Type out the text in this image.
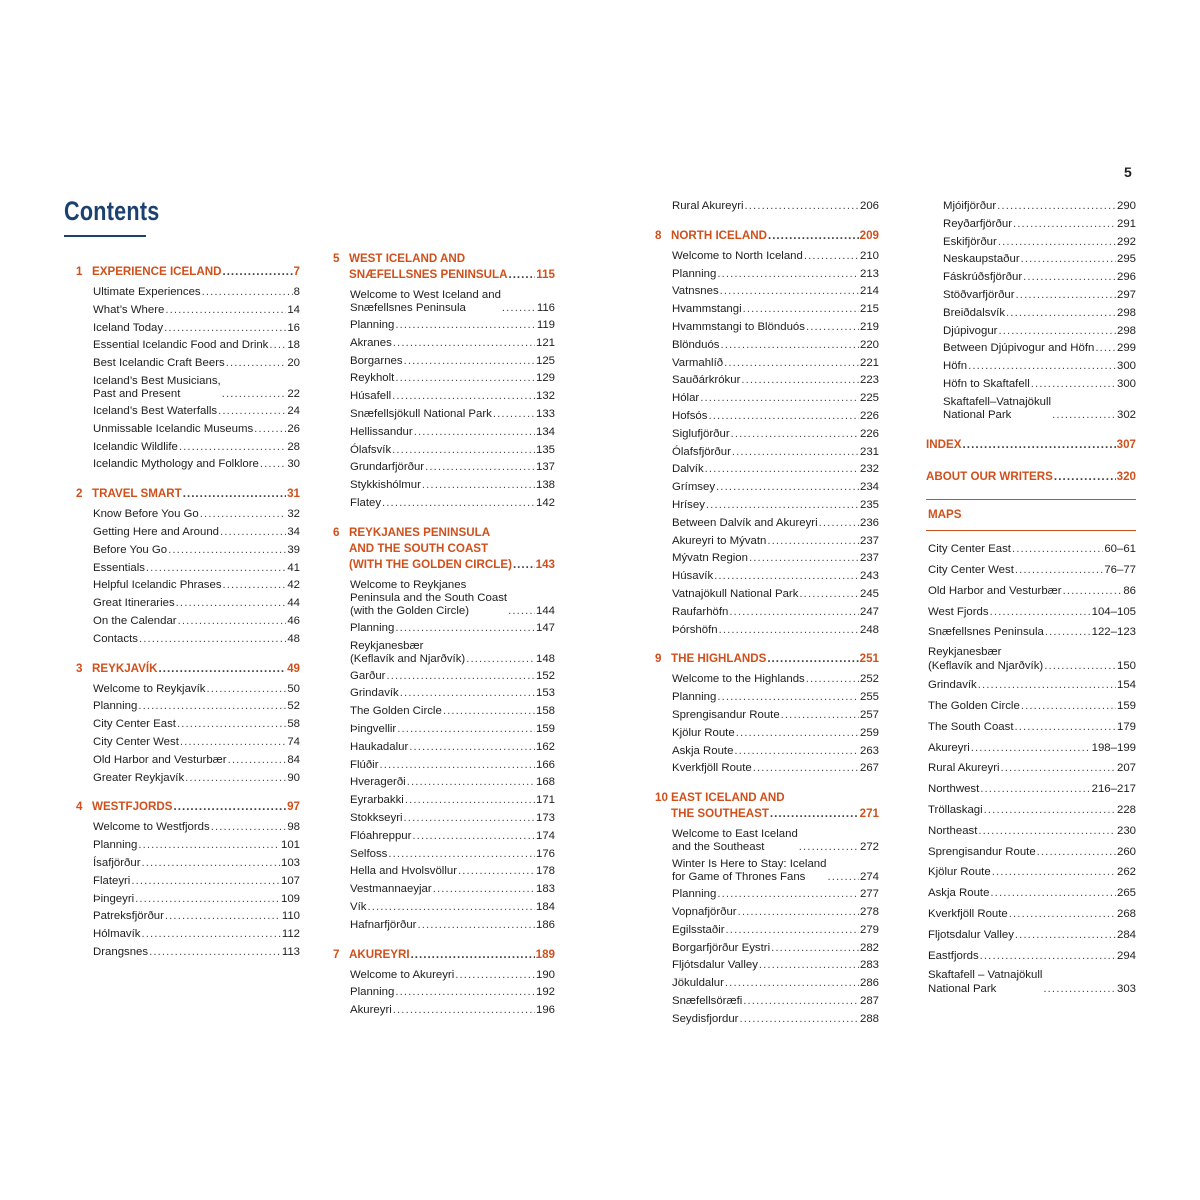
5
Contents
1 EXPERIENCE ICELAND .....	7
Ultimate Experiences .....	8
What’s Where .....	14
Iceland Today .....	16
Essential Icelandic Food and Drink ..... 18
Best Icelandic Craft Beers .....	20
Iceland’s Best Musicians,
Past and Present .....	22
Iceland’s Best Waterfalls .....	24
Unmissable Icelandic Museums .....	26
Icelandic Wildlife .....	28
Icelandic Mythology and Folklore ..... 30
2 TRAVEL SMART .....	31
Know Before You Go .....	32
Getting Here and Around .....	34
Before You Go .....	39
Essentials .....	41
Helpful Icelandic Phrases .....	42
Great Itineraries .....	44
On the Calendar .....	46
Contacts .....	48
3 REYKJAVÍK .....	49
Welcome to Reykjavík .....	50
Planning .....	52
City Center East .....	58
City Center West .....	74
Old Harbor and Vesturbær .....	84
Greater Reykjavík .....	90
4 WESTFJORDS .....	97
Welcome to Westfjords .....	98
Planning .....	101
Ísafjörður .....	103
Flateyri .....	107
Þingeyri .....	109
Patreksfjörður .....	110
Hólmavík .....	112
Drangsnes .....	113
5 WEST ICELAND AND
SNÆFELLSNES PENINSULA ..... 115
Welcome to West Iceland and
Snæfellsnes Peninsula .....	116
Planning .....	119
Akranes .....	121
Borgarnes .....	125
Reykholt .....	129
Húsafell .....	132
Snæfellsjökull National Park .....	133
Hellissandur .....	134
Ólafsvík .....	135
Grundarfjörður .....	137
Stykkishólmur .....	138
Flatey .....	142
6 REYKJANES PENINSULA
AND THE SOUTH COAST
(WITH THE GOLDEN CIRCLE) ..... 143
Welcome to Reykjanes
Peninsula and the South Coast
(with the Golden Circle) .....	144
Planning .....	147
Reykjanesbær
(Keflavík and Njarðvík) .....	148
Garður .....	152
Grindavík .....	153
The Golden Circle .....	158
Þingvellir .....	159
Haukadalur .....	162
Flúðir .....	166
Hveragerði .....	168
Eyrarbakki .....	171
Stokkseyri .....	173
Flóahreppur .....	174
Selfoss .....	176
Hella and Hvolsvöllur .....	178
Vestmannaeyjar .....	183
Vík .....	184
Hafnarfjörður .....	186
7 AKUREYRI .....	189
Welcome to Akureyri .....	190
Planning .....	192
Akureyri .....	196
Rural Akureyri .....	206
8 NORTH ICELAND .....	209
Welcome to North Iceland .....	210
Planning .....	213
Vatnsnes .....	214
Hvammstangi .....	215
Hvammstangi to Blönduós .....	219
Blönduós .....	220
Varmahlíð .....	221
Sauðárkrókur .....	223
Hólar .....	225
Hofsós .....	226
Siglufjörður .....	226
Ólafsfjörður .....	231
Dalvík .....	232
Grímsey .....	234
Hrísey .....	235
Between Dalvík and Akureyri .....	236
Akureyri to Mývatn .....	237
Mývatn Region .....	237
Húsavík .....	243
Vatnajökull National Park .....	245
Raufarhöfn .....	247
Þórshöfn .....	248
9 THE HIGHLANDS .....	251
Welcome to the Highlands .....	252
Planning .....	255
Sprengisandur Route .....	257
Kjölur Route .....	259
Askja Route .....	263
Kverkfjöll Route .....	267
10 EAST ICELAND AND
THE SOUTHEAST .....	271
Welcome to East Iceland
and the Southeast .....	272
Winter Is Here to Stay: Iceland
for Game of Thrones Fans .....	274
Planning .....	277
Vopnafjörður .....	278
Egilsstaðir .....	279
Borgarfjörður Eystri .....	282
Fljótsdalur Valley .....	283
Jökuldalur .....	286
Snæfellsöræfi .....	287
Seydisfjordur .....	288
Mjóifjörður .....	290
Reyðarfjörður .....	291
Eskifjörður .....	292
Neskaupstaður .....	295
Fáskrúðsfjörður .....	296
Stöðvarfjörður .....	297
Breiðdalsvík .....	298
Djúpivogur .....	298
Between Djúpivogur and Höfn ..... 299
Höfn .....	300
Höfn to Skaftafell .....	300
Skaftafell–Vatnajökull
National Park .....	302
INDEX .....	307
ABOUT OUR WRITERS .....	320
MAPS
City Center East .....	60–61
City Center West .....	76–77
Old Harbor and Vesturbær .....	86
West Fjords .....	104–105
Snæfellsnes Peninsula .....	122–123
Reykjanesbær
(Keflavík and Njarðvík) .....	150
Grindavík .....	154
The Golden Circle .....	159
The South Coast .....	179
Akureyri .....	198–199
Rural Akureyri .....	207
Northwest .....	216–217
Tröllaskagi .....	228
Northeast .....	230
Sprengisandur Route .....	260
Kjölur Route .....	262
Askja Route .....	265
Kverkfjöll Route .....	268
Fljotsdalur Valley .....	284
Eastfjords .....	294
Skaftafell – Vatnajökull
National Park .....	303
